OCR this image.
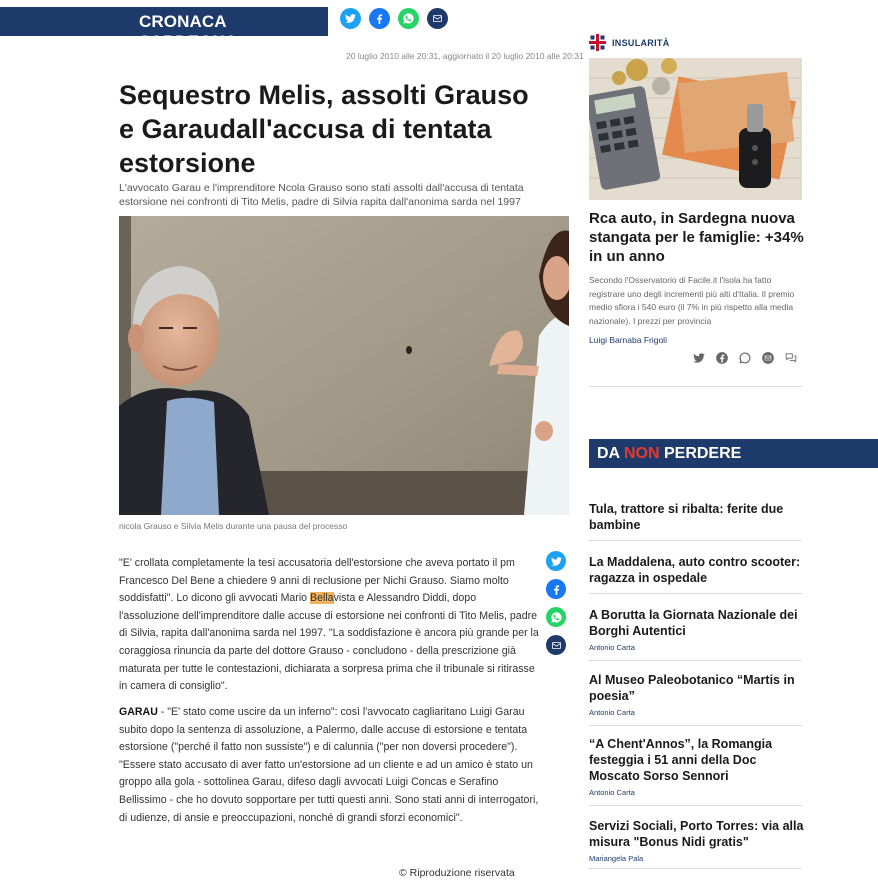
CRONACA SARDEGNA
20 luglio 2010 alle 20:31, aggiornato il 20 luglio 2010 alle 20:31
Sequestro Melis, assolti Grauso e Garaudall'accusa di tentata estorsione

L'avvocato Garau e l'imprenditore Ncola Grauso sono stati assolti dall'accusa di tentata estorsione nei confronti di Tito Melis, padre di Silvia rapita dall'anonima sarda nel 1997

nicola Grauso e Silvia Melis durante una pausa del processo

"E' crollata completamente la tesi accusatoria dell'estorsione che aveva portato il pm Francesco Del Bene a chiedere 9 anni di reclusione per Nichi Grauso. Siamo molto soddisfatti". Lo dicono gli avvocati Mario Bellavista e Alessandro Diddi, dopo l'assoluzione dell'imprenditore dalle accuse di estorsione nei confronti di Tito Melis, padre di Silvia, rapita dall'anonima sarda nel 1997. "La soddisfazione è ancora più grande per la coraggiosa rinuncia da parte del dottore Grauso - concludono - della prescrizione già maturata per tutte le contestazioni, dichiarata a sorpresa prima che il tribunale si ritirasse in camera di consiglio".

GARAU - "E' stato come uscire da un inferno": così l'avvocato cagliaritano Luigi Garau subito dopo la sentenza di assoluzione, a Palermo, dalle accuse di estorsione e tentata estorsione ("perché il fatto non sussiste") e di calunnia ("per non doversi procedere"). "Essere stato accusato di aver fatto un'estorsione ad un cliente e ad un amico è stato un groppo alla gola - sottolinea Garau, difeso dagli avvocati Luigi Concas e Serafino Bellissimo - che ho dovuto sopportare per tutti questi anni. Sono stati anni di interrogatori, di udienze, di ansie e preoccupazioni, nonché di grandi sforzi economici".

© Riproduzione riservata
INSULARITÀ
Rca auto, in Sardegna nuova stangata per le famiglie: +34% in un anno
Secondo l'Osservatorio di Facile.it l'isola ha fatto registrare uno degli incrementi più alti d'Italia. Il premio medio sfiora i 540 euro (il 7% in più rispetto alla media nazionale). I prezzi per provincia
Luigi Barnaba Frigoli
DA NON PERDERE
Tula, trattore si ribalta: ferite due bambine
La Maddalena, auto contro scooter: ragazza in ospedale
A Borutta la Giornata Nazionale dei Borghi Autentici
Antonio Carta
Al Museo Paleobotanico “Martis in poesia”
Antonio Carta
“A Chent'Annos”, la Romangia festeggia i 51 anni della Doc Moscato Sorso Sennori
Antonio Carta
Servizi Sociali, Porto Torres: via alla misura "Bonus Nidi gratis"
Mariangela Pala
